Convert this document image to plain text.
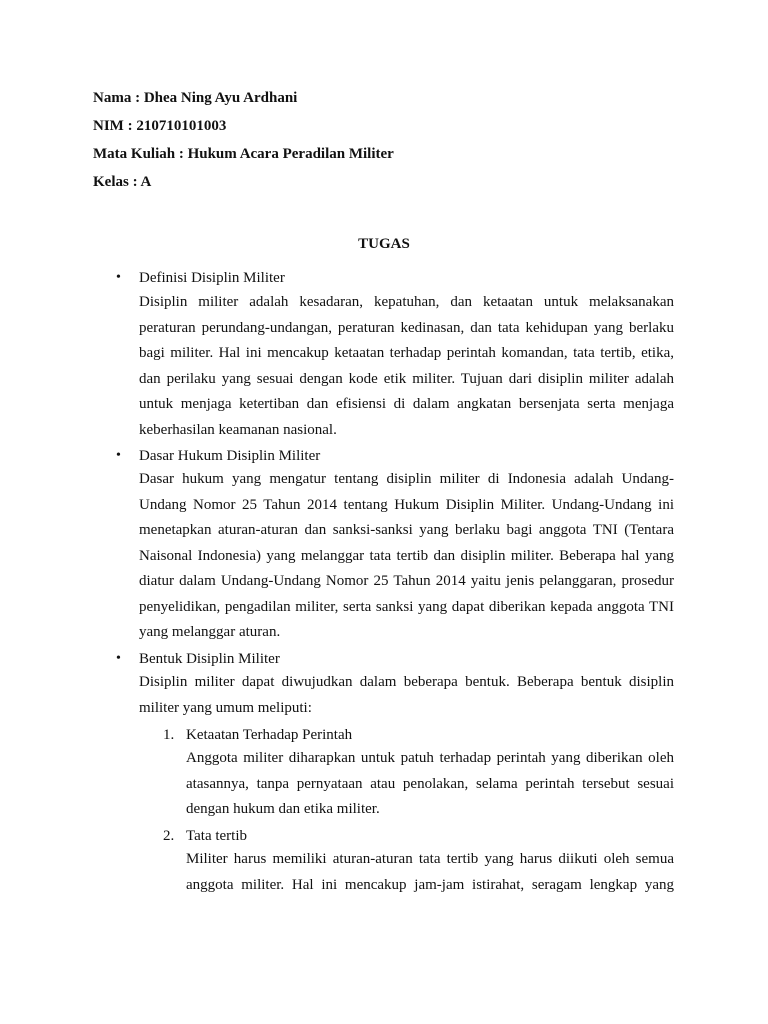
Nama : Dhea Ning Ayu Ardhani
NIM : 210710101003
Mata Kuliah : Hukum Acara Peradilan Militer
Kelas : A
TUGAS
• Definisi Disiplin Militer

Disiplin militer adalah kesadaran, kepatuhan, dan ketaatan untuk melaksanakan peraturan perundang-undangan, peraturan kedinasan, dan tata kehidupan yang berlaku bagi militer. Hal ini mencakup ketaatan terhadap perintah komandan, tata tertib, etika, dan perilaku yang sesuai dengan kode etik militer. Tujuan dari disiplin militer adalah untuk menjaga ketertiban dan efisiensi di dalam angkatan bersenjata serta menjaga keberhasilan keamanan nasional.

• Dasar Hukum Disiplin Militer

Dasar hukum yang mengatur tentang disiplin militer di Indonesia adalah Undang-Undang Nomor 25 Tahun 2014 tentang Hukum Disiplin Militer. Undang-Undang ini menetapkan aturan-aturan dan sanksi-sanksi yang berlaku bagi anggota TNI (Tentara Naisonal Indonesia) yang melanggar tata tertib dan disiplin militer. Beberapa hal yang diatur dalam Undang-Undang Nomor 25 Tahun 2014 yaitu jenis pelanggaran, prosedur penyelidikan, pengadilan militer, serta sanksi yang dapat diberikan kepada anggota TNI yang melanggar aturan.

• Bentuk Disiplin Militer

Disiplin militer dapat diwujudkan dalam beberapa bentuk. Beberapa bentuk disiplin militer yang umum meliputi:

1. Ketaatan Terhadap Perintah

Anggota militer diharapkan untuk patuh terhadap perintah yang diberikan oleh atasannya, tanpa pernyataan atau penolakan, selama perintah tersebut sesuai dengan hukum dan etika militer.

2. Tata tertib

Militer harus memiliki aturan-aturan tata tertib yang harus diikuti oleh semua anggota militer. Hal ini mencakup jam-jam istirahat, seragam lengkap yang
